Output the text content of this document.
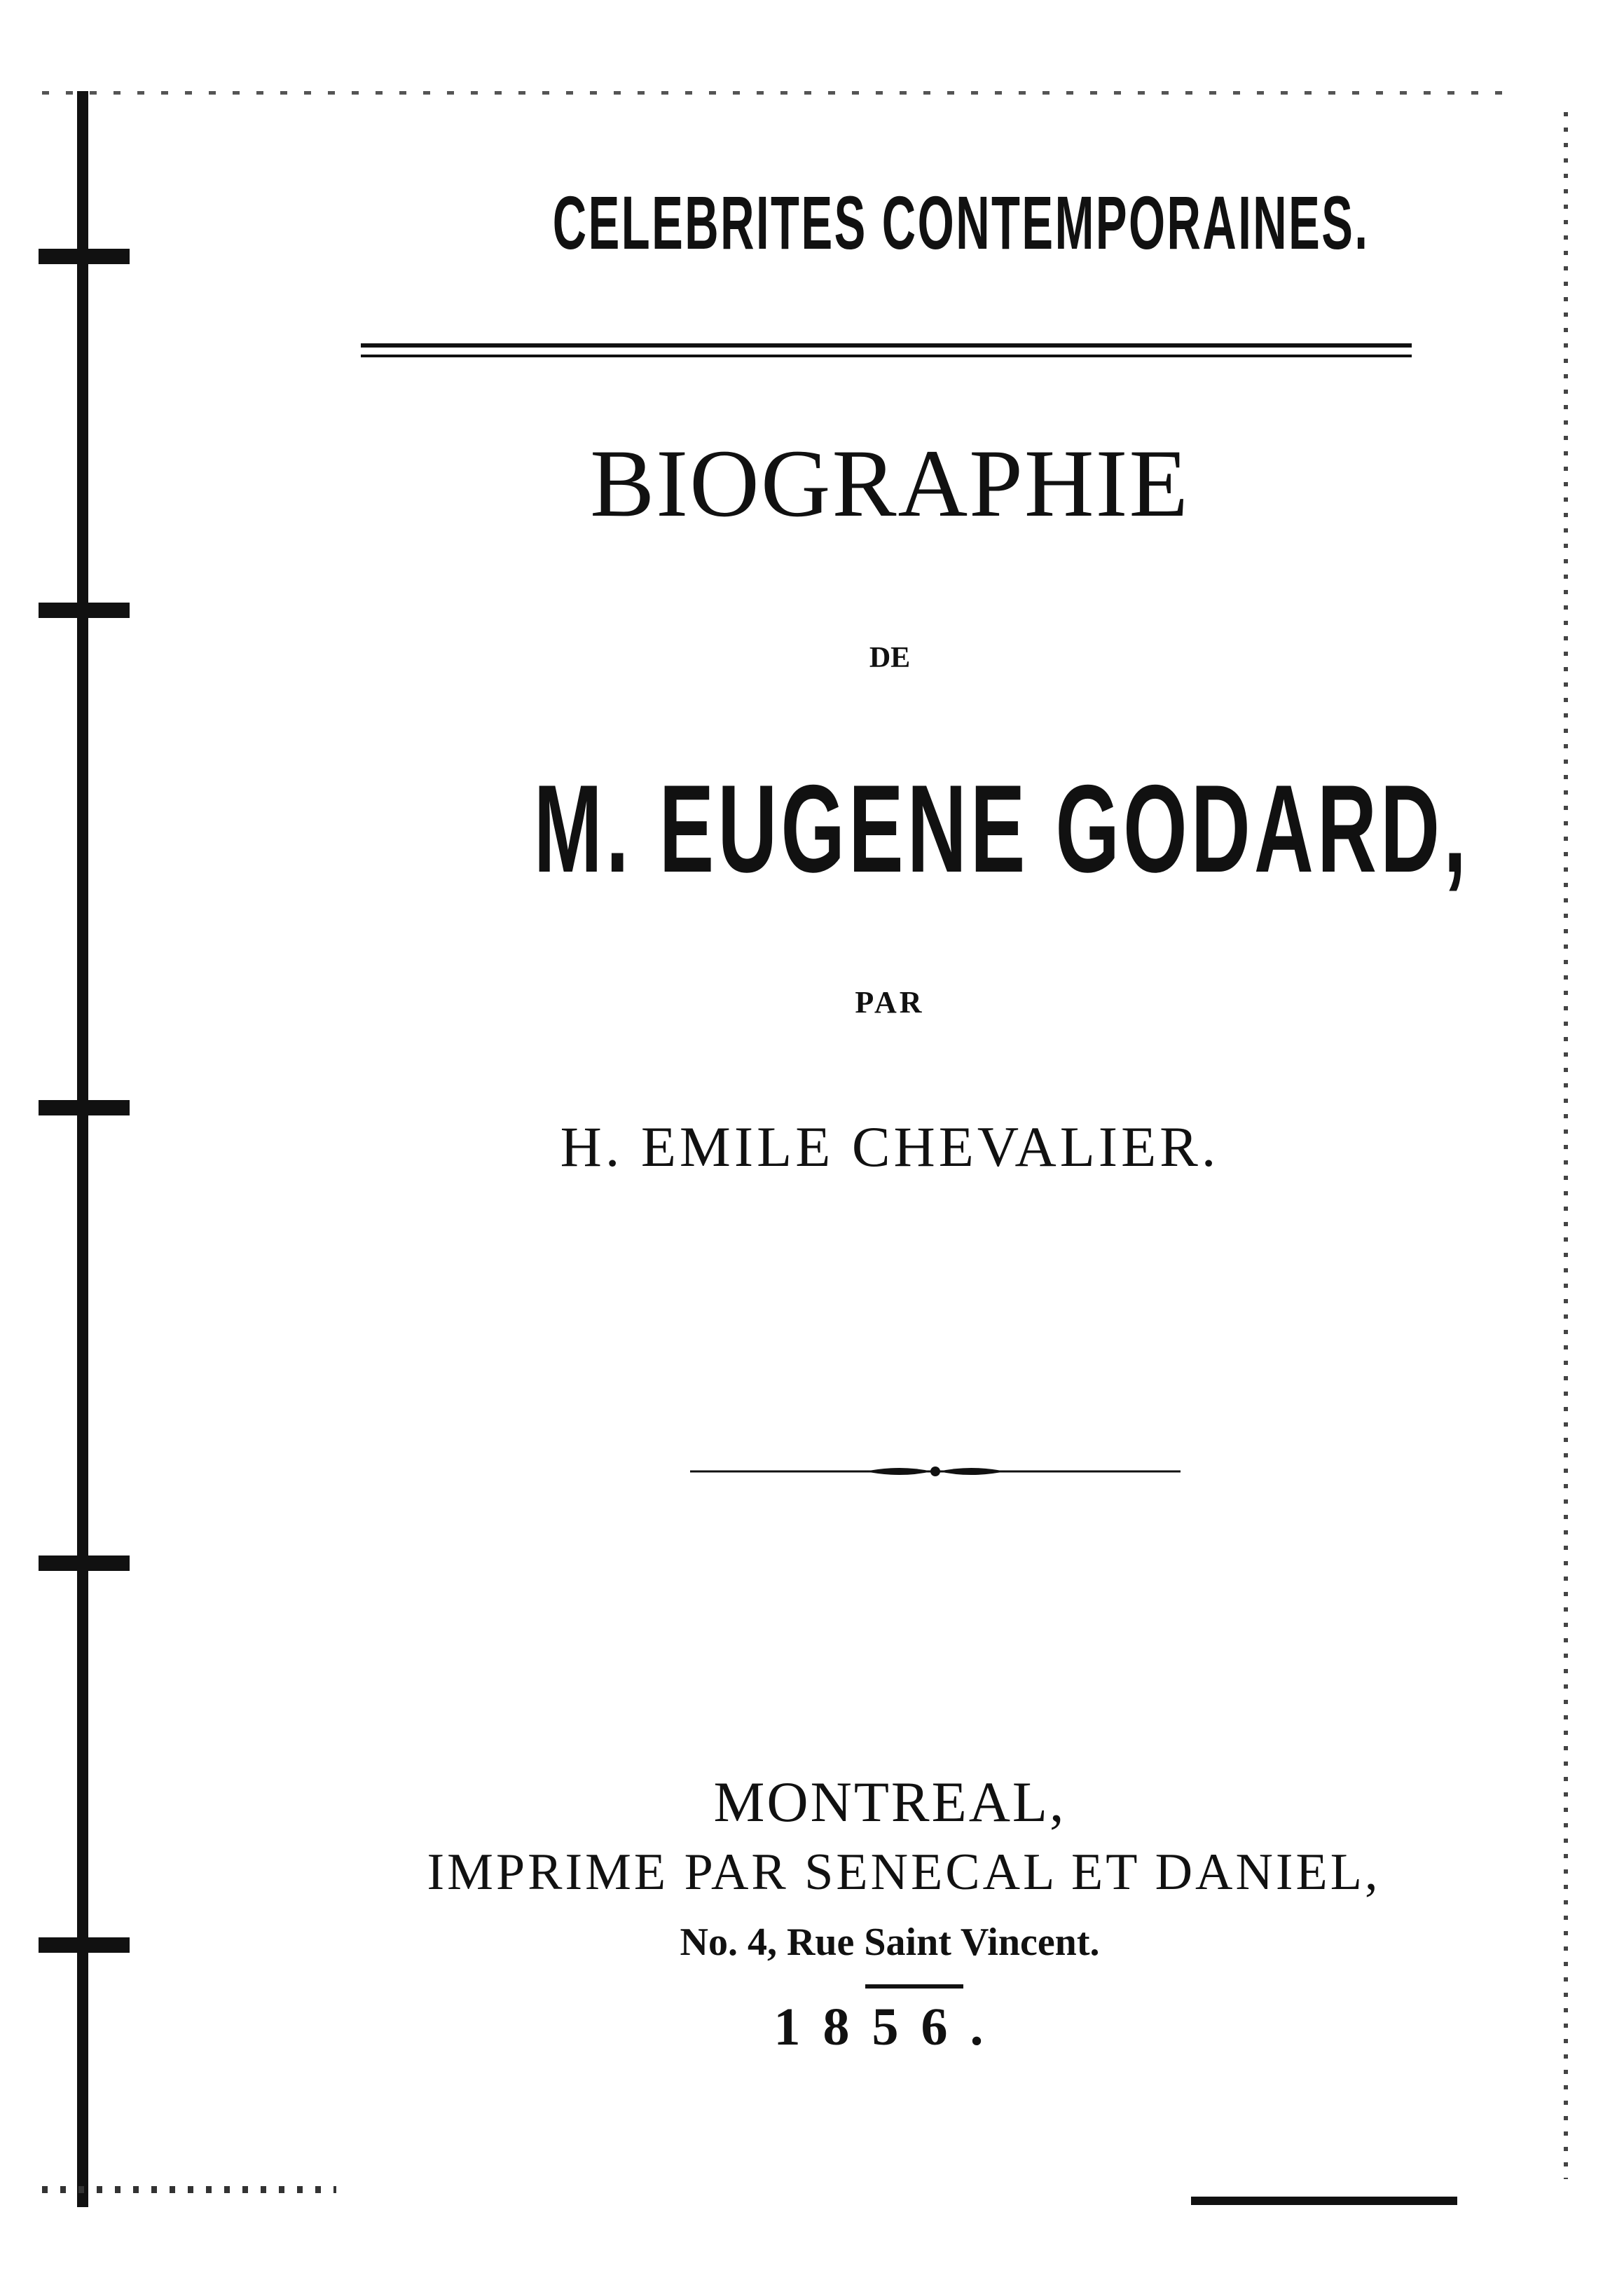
CELEBRITES CONTEMPORAINES.
BIOGRAPHIE
DE
M. EUGENE GODARD,
PAR
H. EMILE CHEVALIER.
MONTREAL,
IMPRIME PAR SENECAL ET DANIEL,
No. 4, Rue Saint Vincent.
1856.
